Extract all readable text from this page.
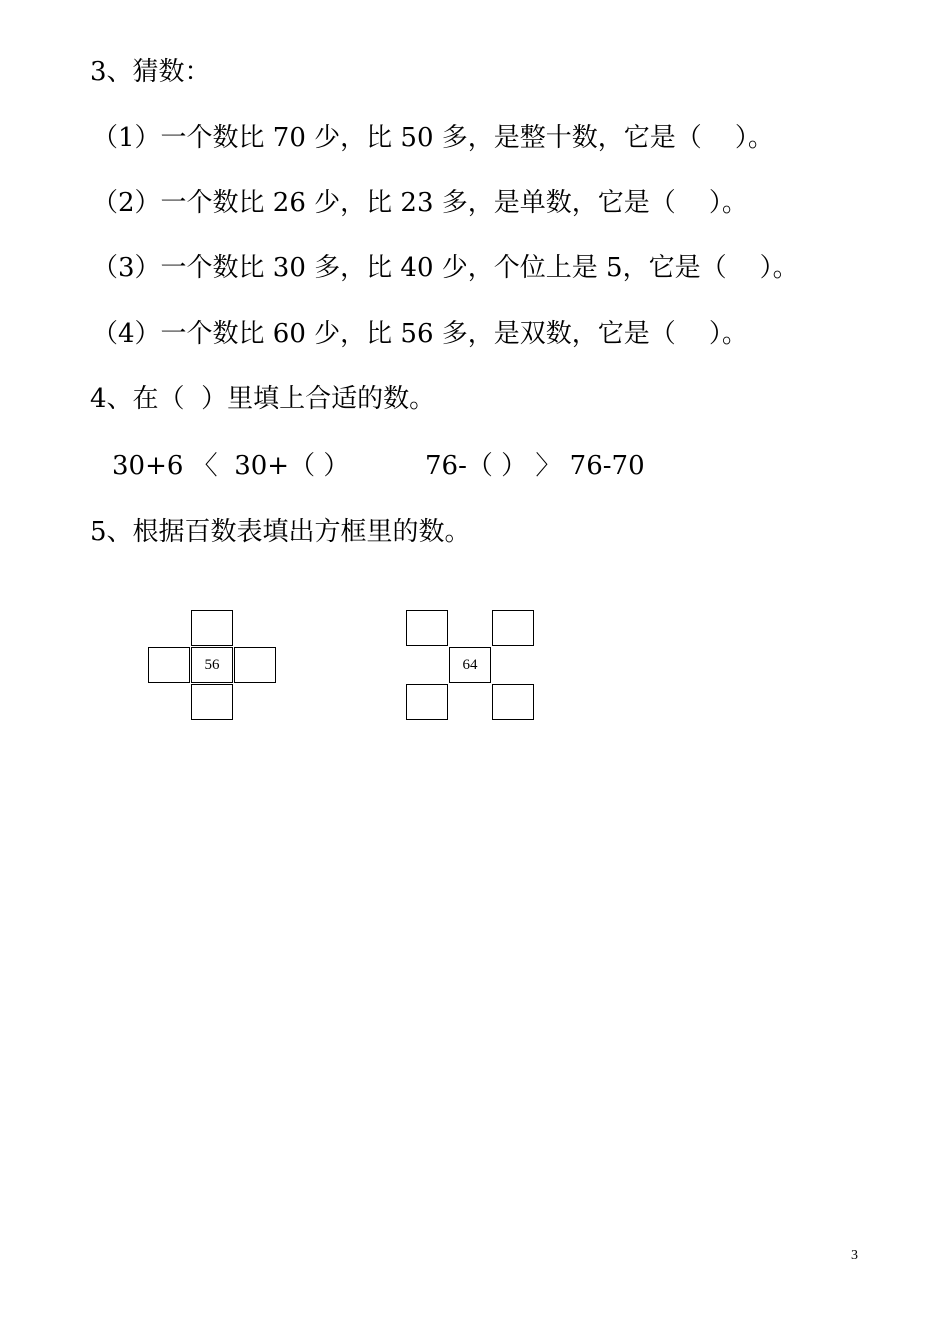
3、猜数：
（1）一个数比 70 少，比 50 多，是整十数，它是（    ）。
（2）一个数比 26 少，比 23 多，是单数，它是（    ）。
（3）一个数比 30 多，比 40 少，个位上是 5，它是（    ）。
（4）一个数比 60 少，比 56 多，是双数，它是（    ）。
4、在（  ）里填上合适的数。
30+6 〈  30+（ ）	76-（ ） 〉 76-70
5、根据百数表填出方框里的数。
56	64
3
